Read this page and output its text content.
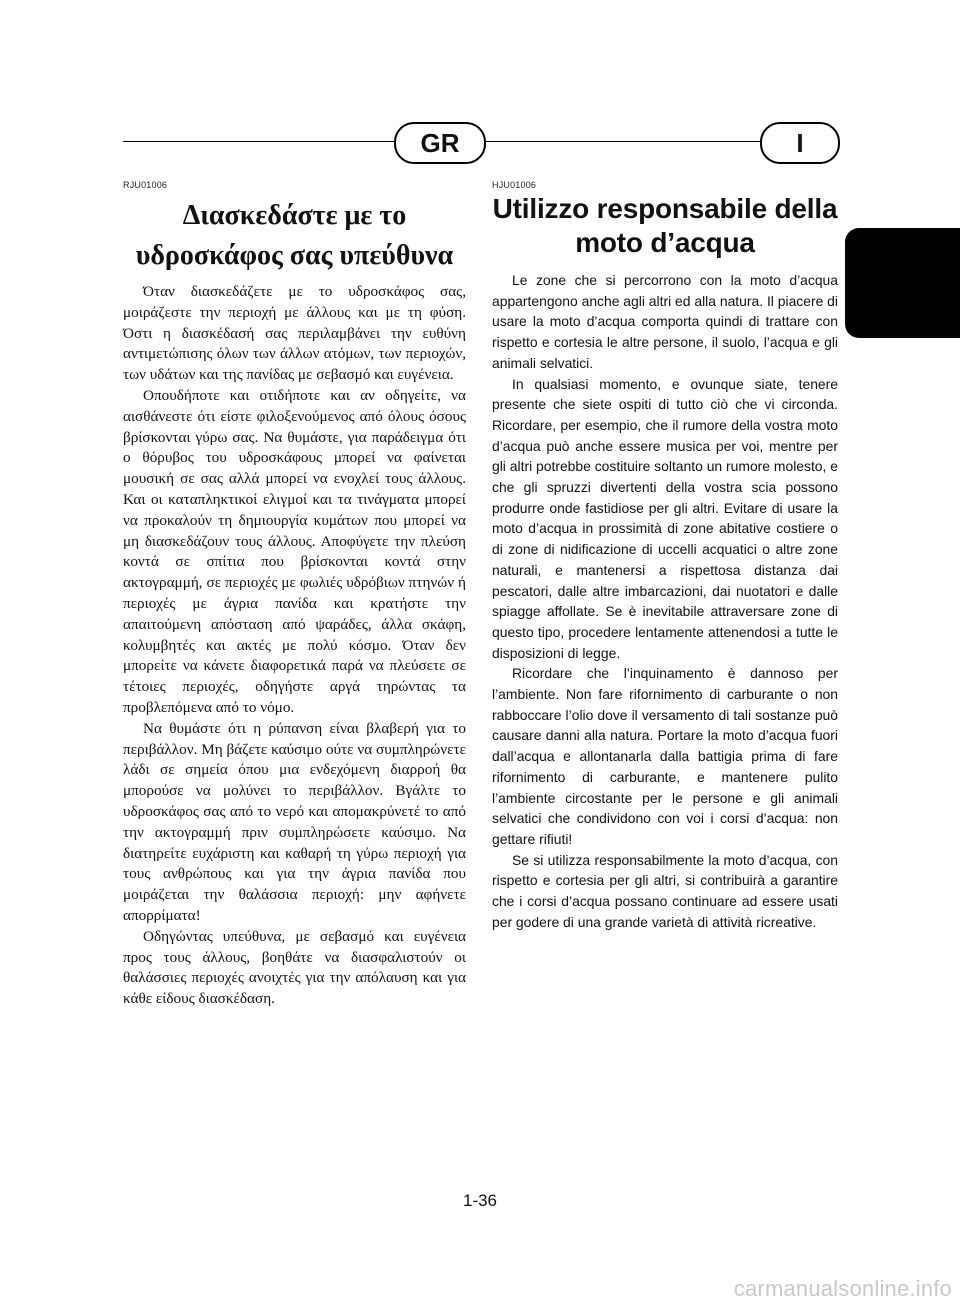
GR	I
RJU01006
Διασκεδάστε με το
υδροσκάφος σας υπεύθυνα

Όταν διασκεδάζετε με το υδροσκάφος σας, μοιράζεστε την περιοχή με άλλους και με τη φύση. Όστι η διασκέδασή σας περιλαμβάνει την ευθύνη αντιμετώπισης όλων των άλλων ατόμων, των περιοχών, των υδάτων και της πανίδας με σεβασμό και ευγένεια.

Οπουδήποτε και οτιδήποτε και αν οδηγείτε, να αισθάνεστε ότι είστε φιλοξενούμενος από όλους όσους βρίσκονται γύρω σας. Να θυμάστε, για παράδειγμα ότι ο θόρυβος του υδροσκάφους μπορεί να φαίνεται μουσική σε σας αλλά μπορεί να ενοχλεί τους άλλους. Και οι καταπληκτικοί ελιγμοί και τα τινάγματα μπορεί να προκαλούν τη δημιουργία κυμάτων που μπορεί να μη διασκεδάζουν τους άλλους. Αποφύγετε την πλεύση κοντά σε σπίτια που βρίσκονται κοντά στην ακτογραμμή, σε περιοχές με φωλιές υδρόβιων πτηνών ή περιοχές με άγρια πανίδα και κρατήστε την απαιτούμενη απόσταση από ψαράδες, άλλα σκάφη, κολυμβητές και ακτές με πολύ κόσμο. Όταν δεν μπορείτε να κάνετε διαφορετικά παρά να πλεύσετε σε τέτοιες περιοχές, οδηγήστε αργά τηρώντας τα προβλεπόμενα από το νόμο.

Να θυμάστε ότι η ρύπανση είναι βλαβερή για το περιβάλλον. Μη βάζετε καύσιμο ούτε να συμπληρώνετε λάδι σε σημεία όπου μια ενδεχόμενη διαρροή θα μπορούσε να μολύνει το περιβάλλον. Βγάλτε το υδροσκάφος σας από το νερό και απομακρύνετέ το από την ακτογραμμή πριν συμπληρώσετε καύσιμο. Να διατηρείτε ευχάριστη και καθαρή τη γύρω περιοχή για τους ανθρώπους και για την άγρια πανίδα που μοιράζεται την θαλάσσια περιοχή: μην αφήνετε απορρίματα!

Οδηγώντας υπεύθυνα, με σεβασμό και ευγένεια προς τους άλλους, βοηθάτε να διασφαλιστούν οι θαλάσσιες περιοχές ανοιχτές για την απόλαυση και για κάθε είδους διασκέδαση.

HJU01006
Utilizzo responsabile della
moto d’acqua

Le zone che si percorrono con la moto d’acqua appartengono anche agli altri ed alla natura. Il piacere di usare la moto d’acqua comporta quindi di trattare con rispetto e cortesia le altre persone, il suolo, l’acqua e gli animali selvatici.

In qualsiasi momento, e ovunque siate, tenere presente che siete ospiti di tutto ciò che vi circonda. Ricordare, per esempio, che il rumore della vostra moto d’acqua può anche essere musica per voi, mentre per gli altri potrebbe costituire soltanto un rumore molesto, e che gli spruzzi divertenti della vostra scia possono produrre onde fastidiose per gli altri. Evitare di usare la moto d’acqua in prossimità di zone abitative costiere o di zone di nidificazione di uccelli acquatici o altre zone naturali, e mantenersi a rispettosa distanza dai pescatori, dalle altre imbarcazioni, dai nuotatori e dalle spiagge affollate. Se è inevitabile attraversare zone di questo tipo, procedere lentamente attenendosi a tutte le disposizioni di legge.

Ricordare che l’inquinamento è dannoso per l’ambiente. Non fare rifornimento di carburante o non rabboccare l’olio dove il versamento di tali sostanze può causare danni alla natura. Portare la moto d’acqua fuori dall’acqua e allontanarla dalla battigia prima di fare rifornimento di carburante, e mantenere pulito l’ambiente circostante per le persone e gli animali selvatici che condividono con voi i corsi d’acqua: non gettare rifiuti!

Se si utilizza responsabilmente la moto d’acqua, con rispetto e cortesia per gli altri, si contribuirà a garantire che i corsi d’acqua possano continuare ad essere usati per godere di una grande varietà di attività ricreative.

1-36
carmanualsonline.info
